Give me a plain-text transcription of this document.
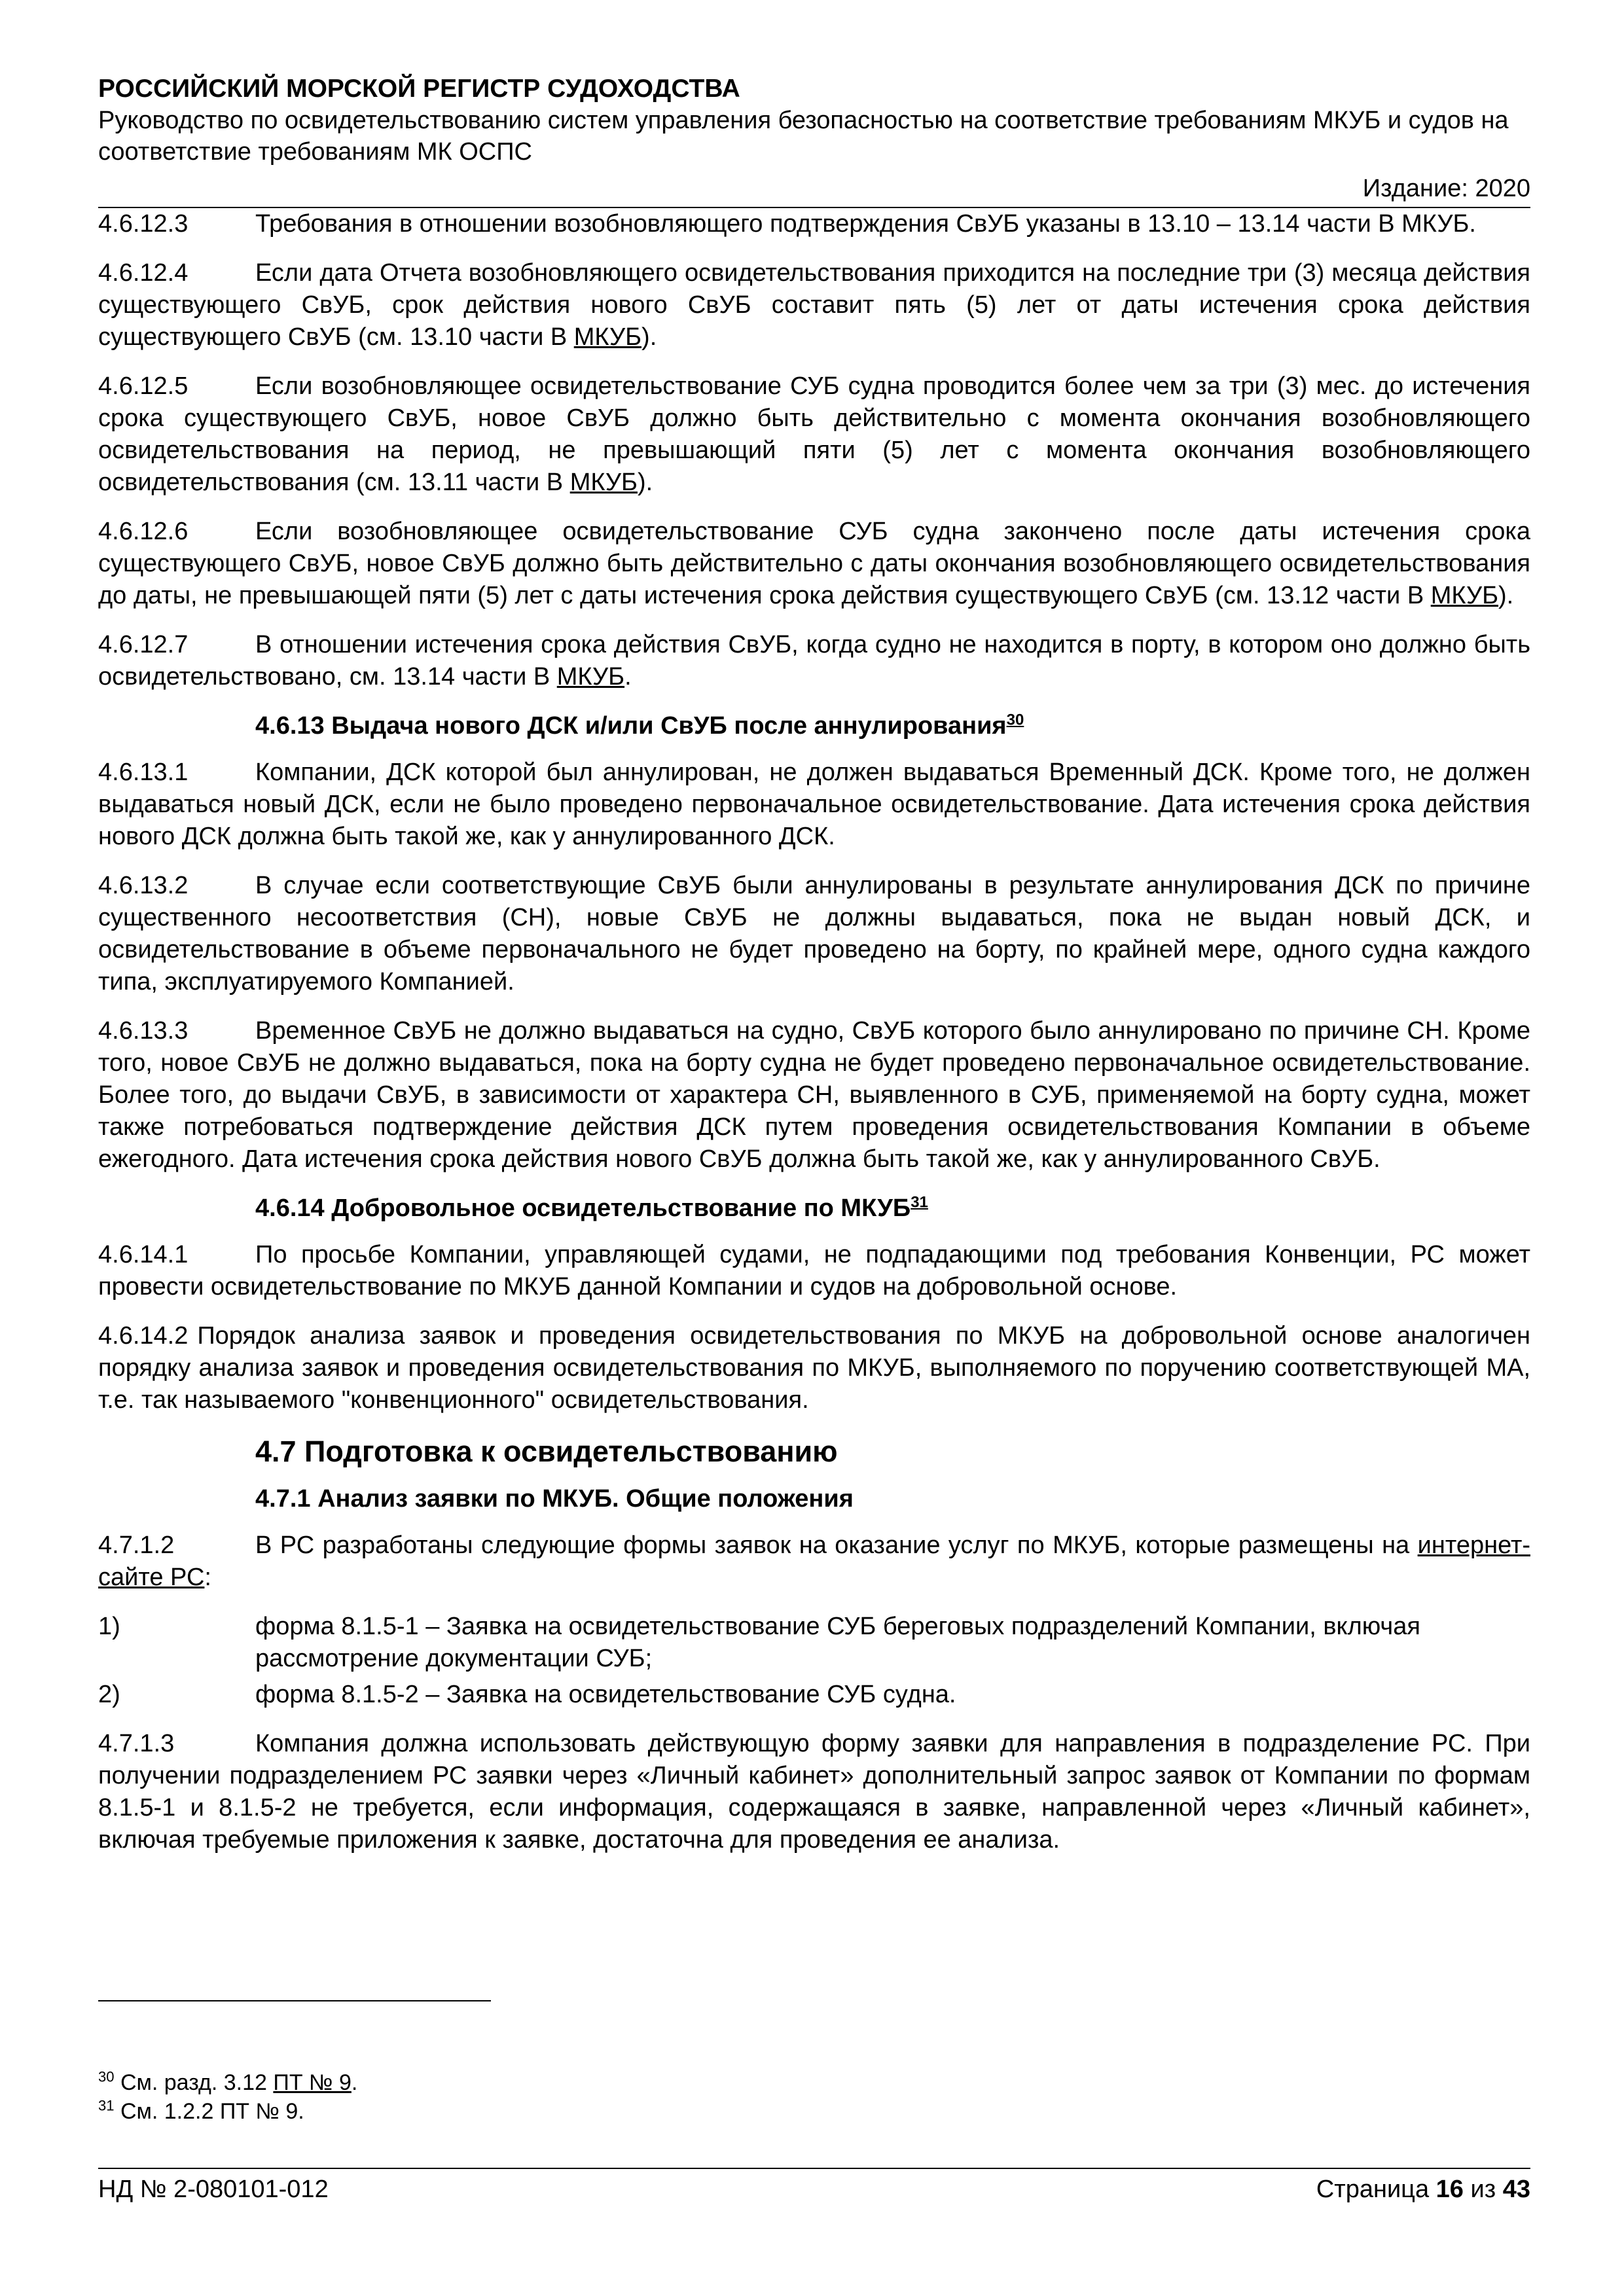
РОССИЙСКИЙ МОРСКОЙ РЕГИСТР СУДОХОДСТВА
Руководство по освидетельствованию систем управления безопасностью на соответствие требованиям МКУБ и судов на соответствие требованиям МК ОСПС
Издание: 2020

4.6.12.3	Требования в отношении возобновляющего подтверждения СвУБ указаны в 13.10 – 13.14 части В МКУБ.

4.6.12.4	Если дата Отчета возобновляющего освидетельствования приходится на последние три (3) месяца действия существующего СвУБ, срок действия нового СвУБ составит пять (5) лет от даты истечения срока действия существующего СвУБ (см. 13.10 части В МКУБ).

4.6.12.5	Если возобновляющее освидетельствование СУБ судна проводится более чем за три (3) мес. до истечения срока существующего СвУБ, новое СвУБ должно быть действительно с момента окончания возобновляющего освидетельствования на период, не превышающий пяти (5) лет с момента окончания возобновляющего освидетельствования (см. 13.11 части В МКУБ).

4.6.12.6	Если возобновляющее освидетельствование СУБ судна закончено после даты истечения срока существующего СвУБ, новое СвУБ должно быть действительно с даты окончания возобновляющего освидетельствования до даты, не превышающей пяти (5) лет с даты истечения срока действия существующего СвУБ (см. 13.12 части В МКУБ).

4.6.12.7	В отношении истечения срока действия СвУБ, когда судно не находится в порту, в котором оно должно быть освидетельствовано, см. 13.14 части В МКУБ.

4.6.13 Выдача нового ДСК и/или СвУБ после аннулирования$^{30}$

4.6.13.1	Компании, ДСК которой был аннулирован, не должен выдаваться Временный ДСК. Кроме того, не должен выдаваться новый ДСК, если не было проведено первоначальное освидетельствование. Дата истечения срока действия нового ДСК должна быть такой же, как у аннулированного ДСК.

4.6.13.2	В случае если соответствующие СвУБ были аннулированы в результате аннулирования ДСК по причине существенного несоответствия (СН), новые СвУБ не должны выдаваться, пока не выдан новый ДСК, и освидетельствование в объеме первоначального не будет проведено на борту, по крайней мере, одного судна каждого типа, эксплуатируемого Компанией.

4.6.13.3	Временное СвУБ не должно выдаваться на судно, СвУБ которого было аннулировано по причине СН. Кроме того, новое СвУБ не должно выдаваться, пока на борту судна не будет проведено первоначальное освидетельствование. Более того, до выдачи СвУБ, в зависимости от характера СН, выявленного в СУБ, применяемой на борту судна, может также потребоваться подтверждение действия ДСК путем проведения освидетельствования Компании в объеме ежегодного. Дата истечения срока действия нового СвУБ должна быть такой же, как у аннулированного СвУБ.

4.6.14 Добровольное освидетельствование по МКУБ$^{31}$

4.6.14.1	По просьбе Компании, управляющей судами, не подпадающими под требования Конвенции, РС может провести освидетельствование по МКУБ данной Компании и судов на добровольной основе.

4.6.14.2 Порядок анализа заявок и проведения освидетельствования по МКУБ на добровольной основе аналогичен порядку анализа заявок и проведения освидетельствования по МКУБ, выполняемого по поручению соответствующей МА, т.е. так называемого "конвенционного" освидетельствования.

4.7 Подготовка к освидетельствованию
4.7.1 Анализ заявки по МКУБ. Общие положения

4.7.1.2	В РС разработаны следующие формы заявок на оказание услуг по МКУБ, которые размещены на интернет-сайте РС:

1)	форма 8.1.5-1 – Заявка на освидетельствование СУБ береговых подразделений Компании, включая рассмотрение документации СУБ;
2)	форма 8.1.5-2 – Заявка на освидетельствование СУБ судна.

4.7.1.3	Компания должна использовать действующую форму заявки для направления в подразделение РС. При получении подразделением РС заявки через «Личный кабинет» дополнительный запрос заявок от Компании по формам 8.1.5-1 и 8.1.5-2 не требуется, если информация, содержащаяся в заявке, направленной через «Личный кабинет», включая требуемые приложения к заявке, достаточна для проведения ее анализа.

$^{30}$ См. разд. 3.12 ПТ № 9.
$^{31}$ См. 1.2.2 ПТ № 9.
НД № 2-080101-012	Страница 16 из 43
